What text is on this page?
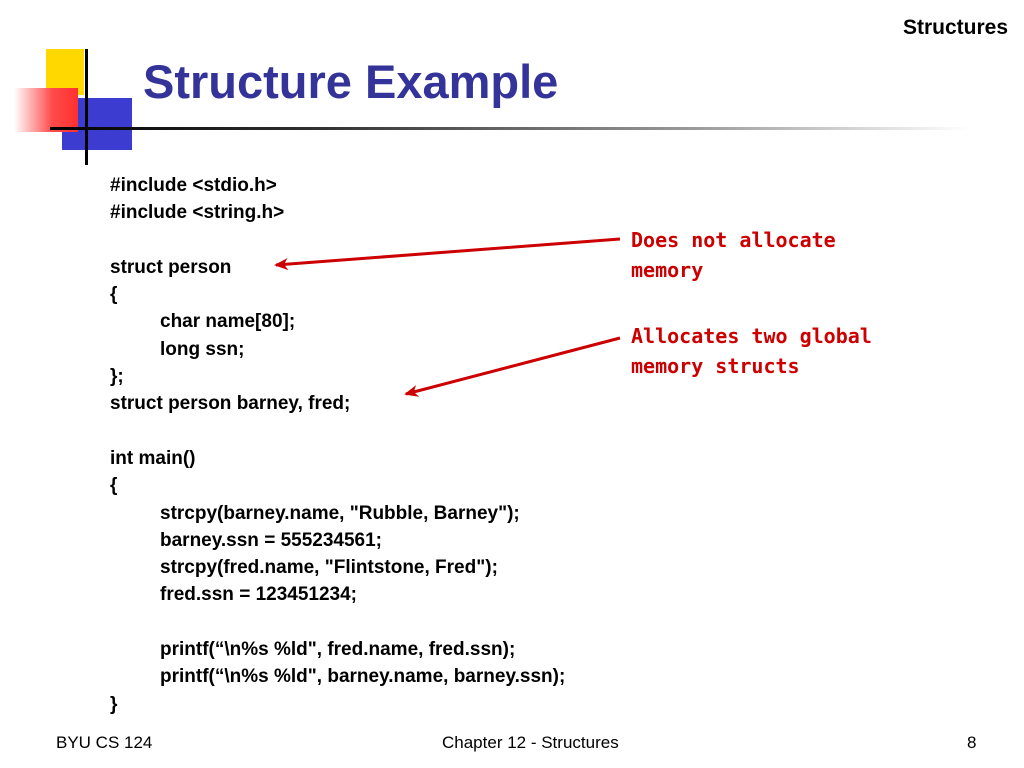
Structures
Structure Example
#include <stdio.h>
#include <string.h>
struct person
{
char name[80];
long ssn;
};
struct person barney, fred;
int main()
{
strcpy(barney.name, "Rubble, Barney");
barney.ssn = 555234561;
strcpy(fred.name, "Flintstone, Fred");
fred.ssn = 123451234;
printf(“\n%s %ld", fred.name, fred.ssn);
printf(“\n%s %ld", barney.name, barney.ssn);
}
Does not allocate
memory
Allocates two global
memory structs
BYU CS 124	Chapter 12 - Structures	8
